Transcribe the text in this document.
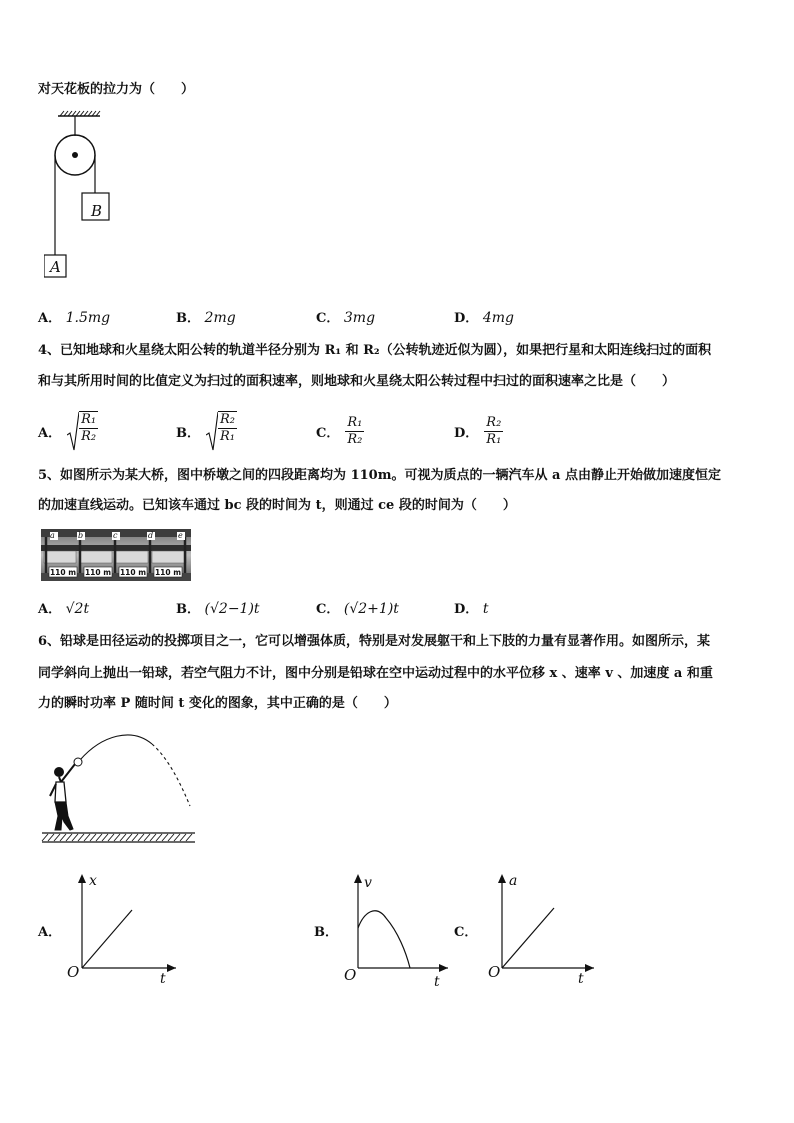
对天花板的拉力为（　　）
B
A
A． 1.5mg	B． 2mg	C． 3mg	D． 4mg
4、已知地球和火星绕太阳公转的轨道半径分别为 R₁ 和 R₂（公转轨迹近似为圆），如果把行星和太阳连线扫过的面积
和与其所用时间的比值定义为扫过的面积速率，则地球和火星绕太阳公转过程中扫过的面积速率之比是（　　）
A． $\frac{\text{R₁}}{\text{R₂}}$	B． $\frac{\text{R₂}}{\text{R₁}}$	C． $\frac{\text{R₁}}{\text{R₂}}$	D． $\frac{\text{R₂}}{\text{R₁}}$
5、如图所示为某大桥，图中桥墩之间的四段距离均为 110m。可视为质点的一辆汽车从 a 点由静止开始做加速度恒定
的加速直线运动。已知该车通过 bc 段的时间为 t，则通过 ce 段的时间为（　　）
a	b	c	d	e
110 m 110 m 110 m 110 m
A． √2t	B． (√2−1)t	C． (√2+1)t	D． t
6、铅球是田径运动的投掷项目之一，它可以增强体质，特别是对发展躯干和上下肢的力量有显著作用。如图所示，某
同学斜向上抛出一铅球，若空气阻力不计，图中分别是铅球在空中运动过程中的水平位移 x 、速率 v 、加速度 a 和重
力的瞬时功率 P 随时间 t 变化的图象，其中正确的是（　　）
A．
x
t
O
B．
v
t
O
C．
a
t
O
